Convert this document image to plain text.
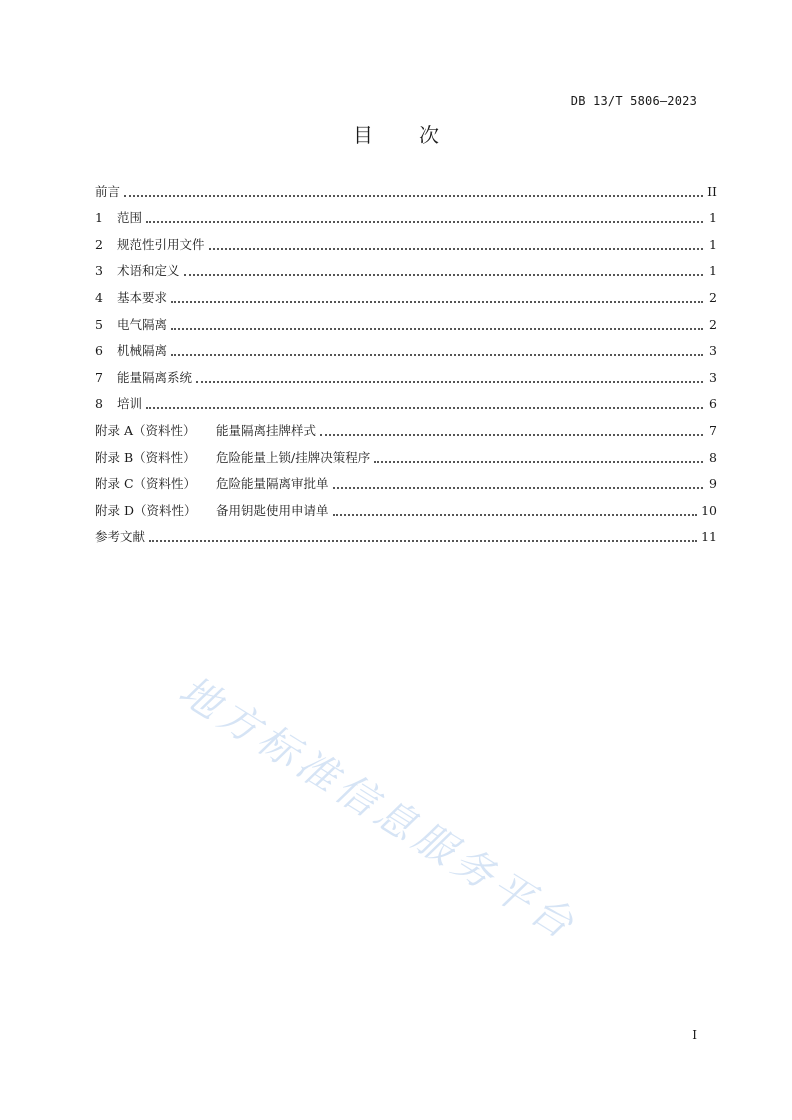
DB 13/T 5806—2023
目 次
前言	II
1	范围	1
2	规范性引用文件	1
3	术语和定义	1
4	基本要求	2
5	电气隔离	2
6	机械隔离	3
7	能量隔离系统	3
8	培训	6
附录 A（资料性）	能量隔离挂牌样式	7
附录 B（资料性）	危险能量上锁/挂牌决策程序	8
附录 C（资料性）	危险能量隔离审批单	9
附录 D（资料性）	备用钥匙使用申请单	10
参考文献	11
地方标准信息服务平台
I
